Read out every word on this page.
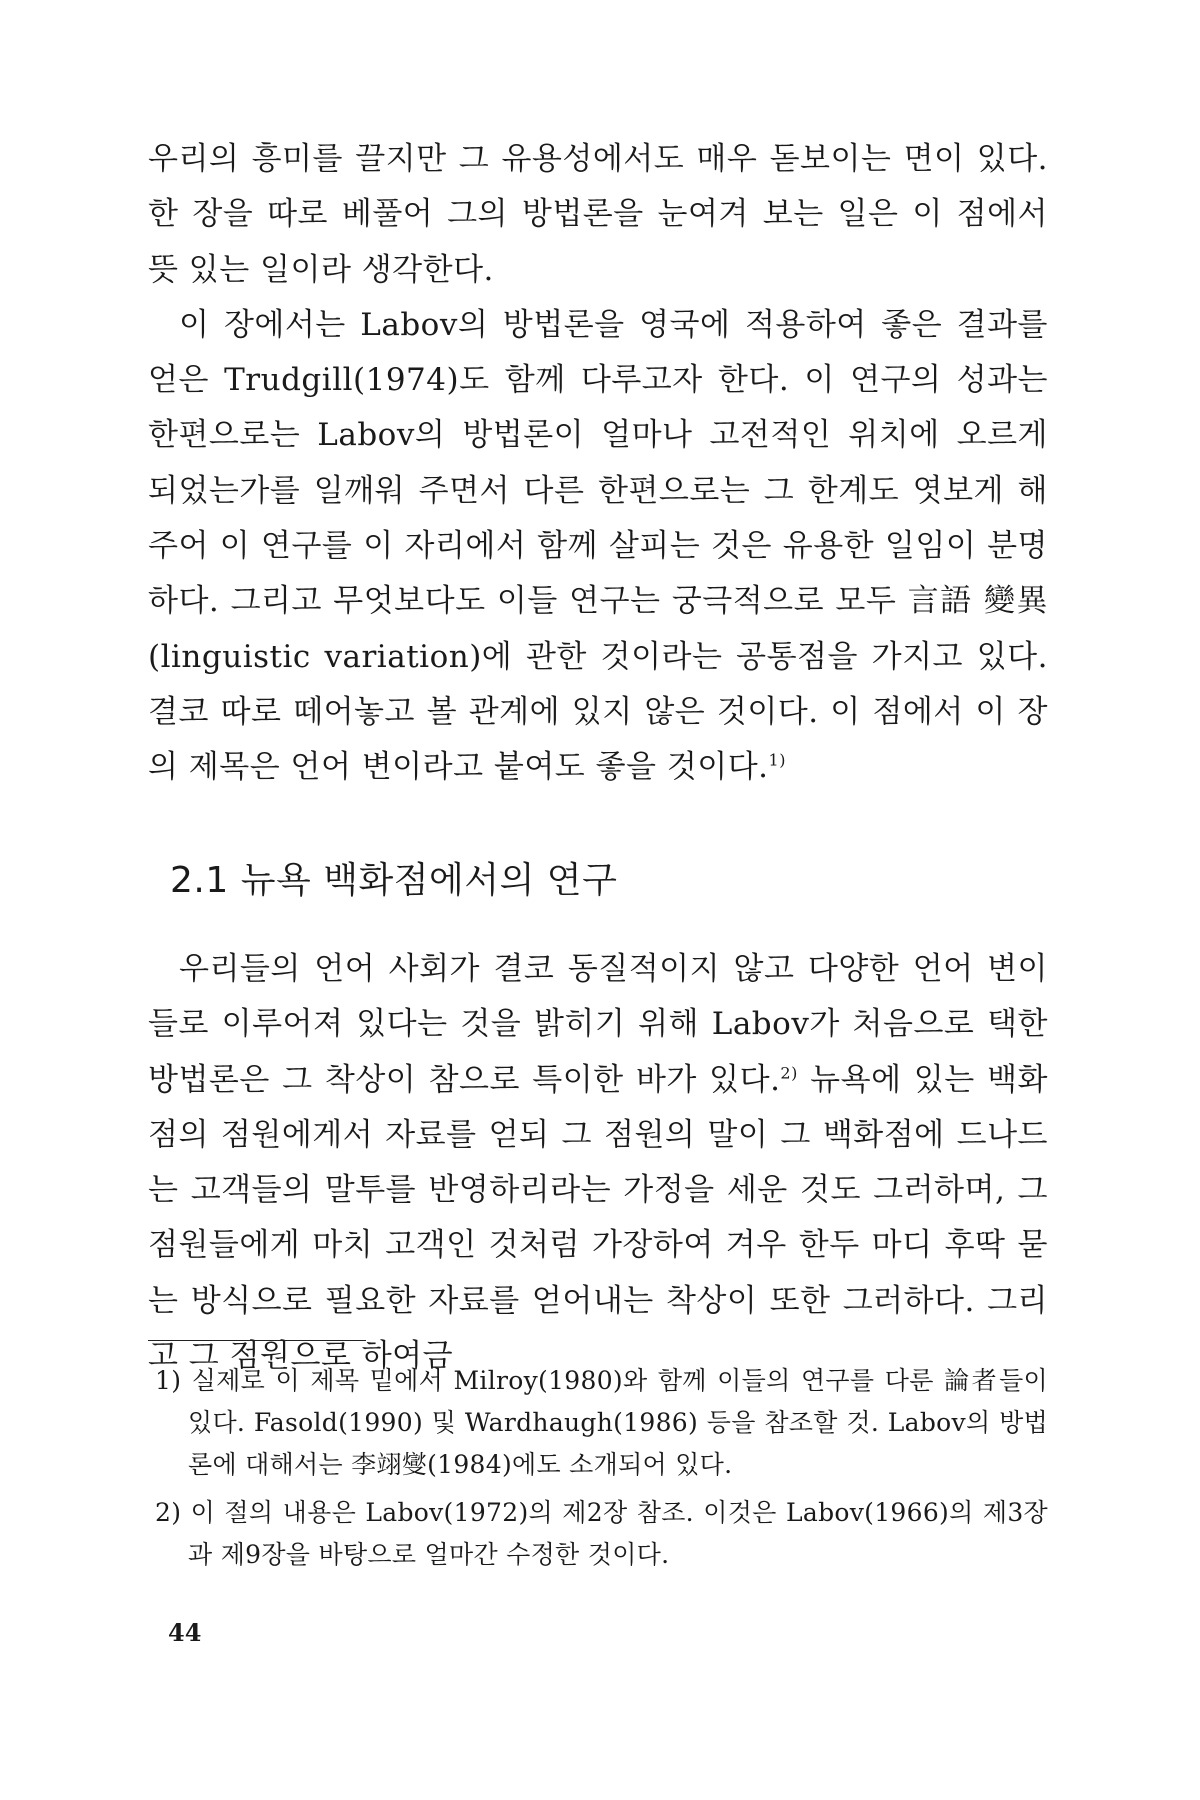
우리의 흥미를 끌지만 그 유용성에서도 매우 돋보이는 면이 있다. 한 장을 따로 베풀어 그의 방법론을 눈여겨 보는 일은 이 점에서 뜻 있는 일이라 생각한다.

이 장에서는 Labov의 방법론을 영국에 적용하여 좋은 결과를 얻은 Trudgill(1974)도 함께 다루고자 한다. 이 연구의 성과는 한편으로는 Labov의 방법론이 얼마나 고전적인 위치에 오르게 되었는가를 일깨워 주면서 다른 한편으로는 그 한계도 엿보게 해주어 이 연구를 이 자리에서 함께 살피는 것은 유용한 일임이 분명하다. 그리고 무엇보다도 이들 연구는 궁극적으로 모두 言語 變異(linguistic variation)에 관한 것이라는 공통점을 가지고 있다. 결코 따로 떼어놓고 볼 관계에 있지 않은 것이다. 이 점에서 이 장의 제목은 언어 변이라고 붙여도 좋을 것이다.$^{1)}$

2.1 뉴욕 백화점에서의 연구

우리들의 언어 사회가 결코 동질적이지 않고 다양한 언어 변이들로 이루어져 있다는 것을 밝히기 위해 Labov가 처음으로 택한 방법론은 그 착상이 참으로 특이한 바가 있다.$^{2)}$ 뉴욕에 있는 백화점의 점원에게서 자료를 얻되 그 점원의 말이 그 백화점에 드나드는 고객들의 말투를 반영하리라는 가정을 세운 것도 그러하며, 그 점원들에게 마치 고객인 것처럼 가장하여 겨우 한두 마디 후딱 묻는 방식으로 필요한 자료를 얻어내는 착상이 또한 그러하다. 그리고 그 점원으로 하여금

1) 실제로 이 제목 밑에서 Milroy(1980)와 함께 이들의 연구를 다룬 論者들이 있다. Fasold(1990) 및 Wardhaugh(1986) 등을 참조할 것. Labov의 방법론에 대해서는 李翊燮(1984)에도 소개되어 있다.

2) 이 절의 내용은 Labov(1972)의 제2장 참조. 이것은 Labov(1966)의 제3장과 제9장을 바탕으로 얼마간 수정한 것이다.

44
